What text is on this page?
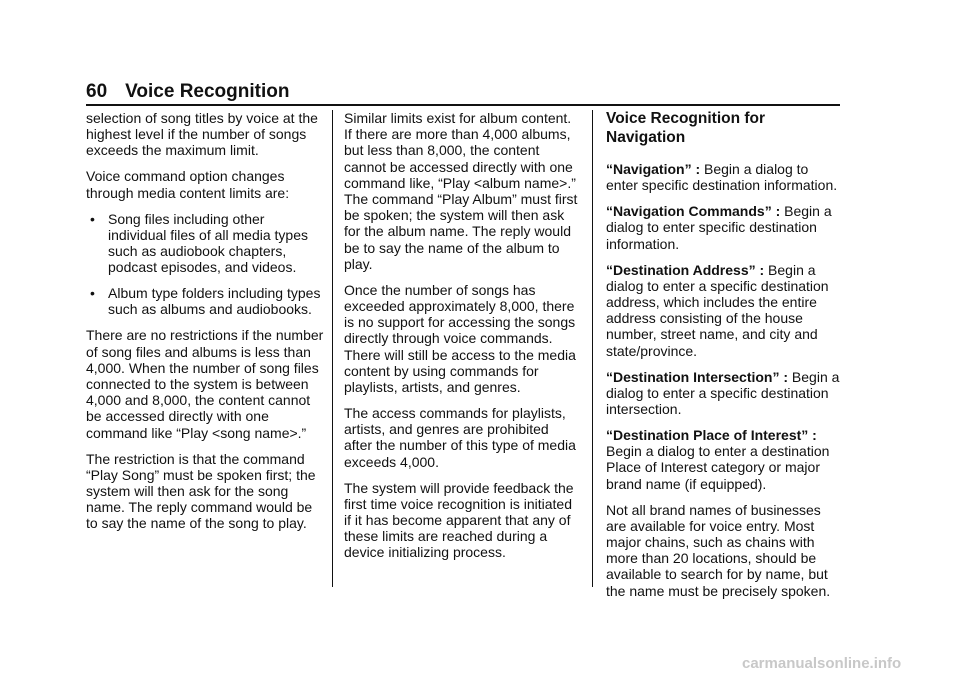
60 Voice Recognition

selection of song titles by voice at the highest level if the number of songs exceeds the maximum limit.

Voice command option changes through media content limits are:

• Song files including other individual files of all media types such as audiobook chapters, podcast episodes, and videos.
• Album type folders including types such as albums and audiobooks.

There are no restrictions if the number of song files and albums is less than 4,000. When the number of song files connected to the system is between 4,000 and 8,000, the content cannot be accessed directly with one command like “Play <song name>.”

The restriction is that the command “Play Song” must be spoken first; the system will then ask for the song name. The reply command would be to say the name of the song to play.

Similar limits exist for album content. If there are more than 4,000 albums, but less than 8,000, the content cannot be accessed directly with one command like, “Play <album name>.” The command “Play Album” must first be spoken; the system will then ask for the album name. The reply would be to say the name of the album to play.

Once the number of songs has exceeded approximately 8,000, there is no support for accessing the songs directly through voice commands. There will still be access to the media content by using commands for playlists, artists, and genres.

The access commands for playlists, artists, and genres are prohibited after the number of this type of media exceeds 4,000.

The system will provide feedback the first time voice recognition is initiated if it has become apparent that any of these limits are reached during a device initializing process.

Voice Recognition for Navigation

“Navigation” : Begin a dialog to enter specific destination information.

“Navigation Commands” : Begin a dialog to enter specific destination information.

“Destination Address” : Begin a dialog to enter a specific destination address, which includes the entire address consisting of the house number, street name, and city and state/province.

“Destination Intersection” : Begin a dialog to enter a specific destination intersection.

“Destination Place of Interest” : Begin a dialog to enter a destination Place of Interest category or major brand name (if equipped).

Not all brand names of businesses are available for voice entry. Most major chains, such as chains with more than 20 locations, should be available to search for by name, but the name must be precisely spoken.

carmanualsonline.info
